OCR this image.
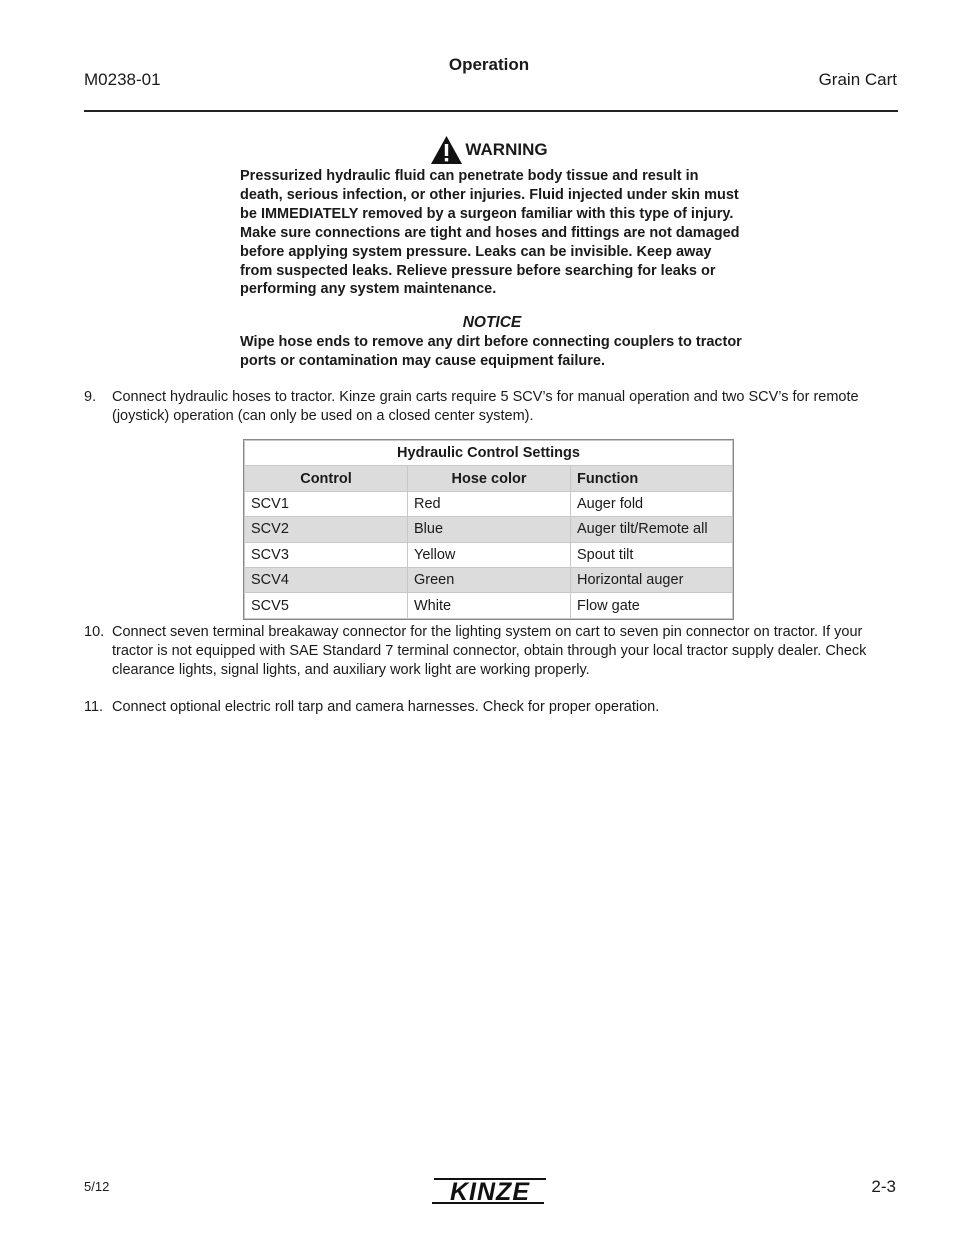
M0238-01
Operation
Grain Cart
WARNING
Pressurized hydraulic fluid can penetrate body tissue and result in death, serious infection, or other injuries. Fluid injected under skin must be IMMEDIATELY removed by a surgeon familiar with this type of injury. Make sure connections are tight and hoses and fittings are not damaged before applying system pressure. Leaks can be invisible. Keep away from suspected leaks. Relieve pressure before searching for leaks or performing any system maintenance.
NOTICE
Wipe hose ends to remove any dirt before connecting couplers to tractor ports or contamination may cause equipment failure.
9. Connect hydraulic hoses to tractor. Kinze grain carts require 5 SCV’s for manual operation and two SCV’s for remote (joystick) operation (can only be used on a closed center system).
Hydraulic Control Settings		
Control	Hose color	Function
SCV1	Red	Auger fold
SCV2	Blue	Auger tilt/Remote all
SCV3	Yellow	Spout tilt
SCV4	Green	Horizontal auger
SCV5	White	Flow gate
10. Connect seven terminal breakaway connector for the lighting system on cart to seven pin connector on tractor. If your tractor is not equipped with SAE Standard 7 terminal connector, obtain through your local tractor supply dealer. Check clearance lights, signal lights, and auxiliary work light are working properly.
11. Connect optional electric roll tarp and camera harnesses. Check for proper operation.
5/12	KINZE	2-3
